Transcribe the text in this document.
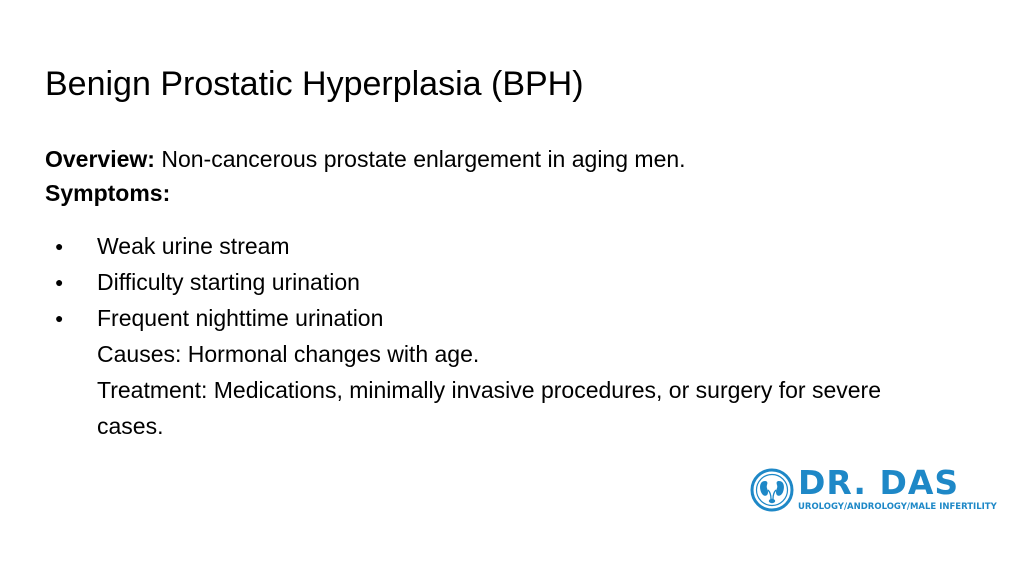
Benign Prostatic Hyperplasia (BPH)
Overview: Non-cancerous prostate enlargement in aging men.
Symptoms:
●	Weak urine stream
●	Difficulty starting urination
●	Frequent nighttime urination
Causes: Hormonal changes with age.
Treatment: Medications, minimally invasive procedures, or surgery for severe
cases.
DR. DAS
UROLOGY/ANDROLOGY/MALE INFERTILITY
